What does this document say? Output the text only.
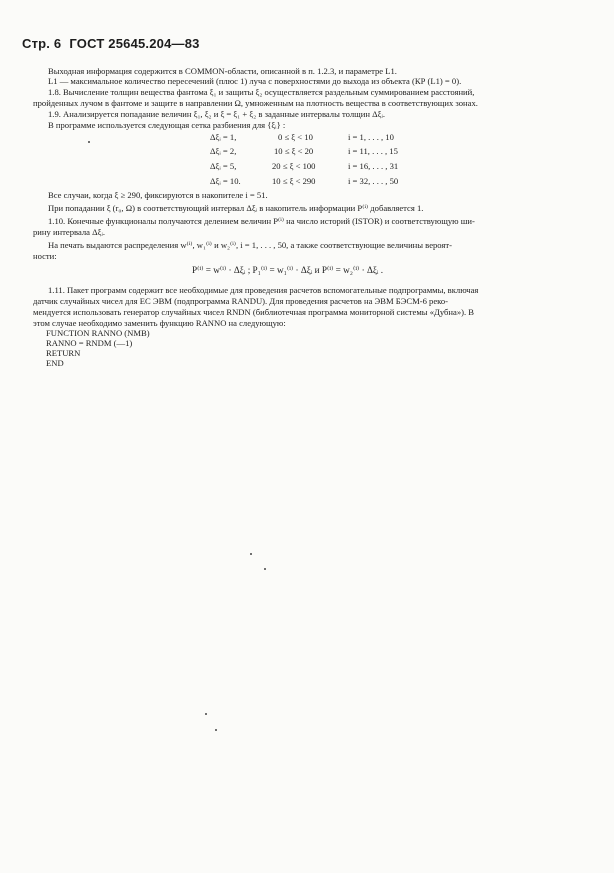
Стр. 6 ГОСТ 25645.204—83
Выходная информация содержится в COMMON-области, описанной в п. 1.2.3, и параметре L1.
L1 — максимальное количество пересечений (плюс 1) луча с поверхностями до выхода из объекта (КР (L1) = 0).
1.8. Вычисление толщин вещества фантома ξ₁ и защиты ξ₂ осуществляется раздельным суммированием расстояний,
пройденных лучом в фантоме и защите в направлении Ω, умноженным на плотность вещества в соответствующих зонах.
1.9. Анализируется попадание величин ξ₁, ξ₂ и ξ = ξ₁ + ξ₂ в заданные интервалы толщин Δξᵢ.
В программе используется следующая сетка разбиения для {ξᵢ} :
Δξᵢ = 1,	0 ≤ ξ < 10	i = 1, . . . , 10
Δξᵢ = 2,	10 ≤ ξ < 20	i = 11, . . . , 15
Δξᵢ = 5,	20 ≤ ξ < 100	i = 16, . . . , 31
Δξᵢ = 10.	10 ≤ ξ < 290	i = 32, . . . , 50
Все случаи, когда ξ ≥ 290, фиксируются в накопителе i = 51.
При попадании ξ (r₀, Ω) в соответствующий интервал Δξᵢ в накопитель информации P⁽ⁱ⁾ добавляется 1.
1.10. Конечные функционалы получаются делением величин P⁽ⁱ⁾ на число историй (ISTOR) и соответствующую ши-
рину интервала Δξᵢ.
На печать выдаются распределения w⁽ⁱ⁾, w₁⁽ⁱ⁾ и w₂⁽ⁱ⁾, i = 1, . . . , 50, а также соответствующие величины вероят-
ности:
P⁽ⁱ⁾ = w⁽ⁱ⁾ · Δξᵢ ; P₁⁽ⁱ⁾ = w₁⁽ⁱ⁾ · Δξᵢ и P⁽ⁱ⁾ = w₂⁽ⁱ⁾ · Δξᵢ .
1.11. Пакет программ содержит все необходимые для проведения расчетов вспомогательные подпрограммы, включая
датчик случайных чисел для ЕС ЭВМ (подпрограмма RANDU). Для проведения расчетов на ЭВМ БЭСМ-6 реко-
мендуется использовать генератор случайных чисел RNDN (библиотечная программа мониторной системы «Дубна»). В
этом случае необходимо заменить функцию RANNO на следующую:
FUNCTION RANNO (NMB)
RANNO = RNDM (—1)
RETURN
END
